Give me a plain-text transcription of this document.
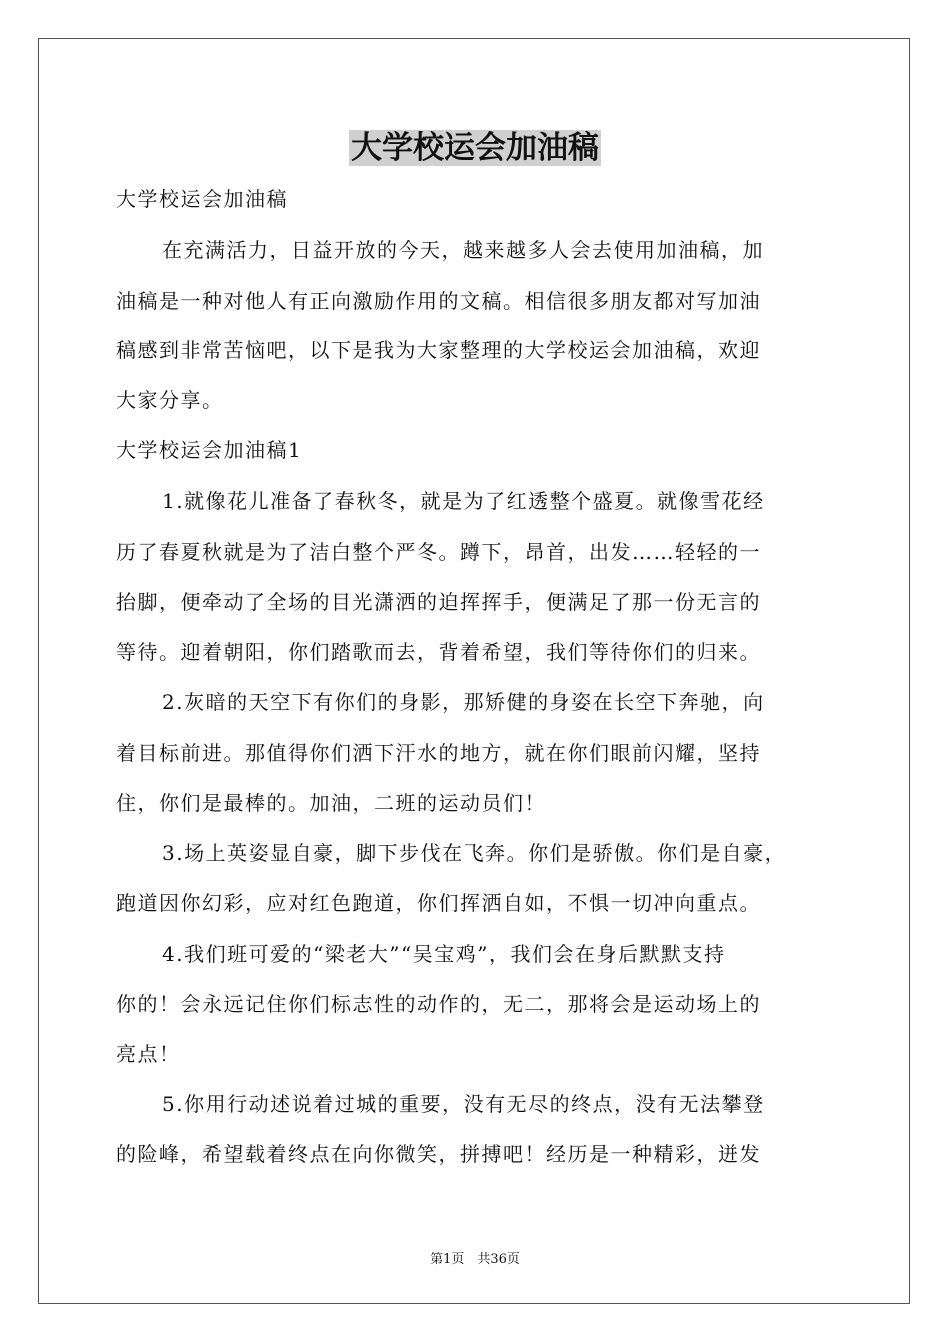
大学校运会加油稿
大学校运会加油稿
在充满活力，日益开放的今天，越来越多人会去使用加油稿，加
油稿是一种对他人有正向激励作用的文稿。相信很多朋友都对写加油
稿感到非常苦恼吧，以下是我为大家整理的大学校运会加油稿，欢迎
大家分享。
大学校运会加油稿1
1.就像花儿准备了春秋冬，就是为了红透整个盛夏。就像雪花经
历了春夏秋就是为了洁白整个严冬。蹲下，昂首，出发……轻轻的一
抬脚，便牵动了全场的目光潇洒的迫挥挥手，便满足了那一份无言的
等待。迎着朝阳，你们踏歌而去，背着希望，我们等待你们的归来。
2.灰暗的天空下有你们的身影，那矫健的身姿在长空下奔驰，向
着目标前进。那值得你们洒下汗水的地方，就在你们眼前闪耀，坚持
住，你们是最棒的。加油，二班的运动员们！
3.场上英姿显自豪，脚下步伐在飞奔。你们是骄傲。你们是自豪，
跑道因你幻彩，应对红色跑道，你们挥洒自如，不惧一切冲向重点。
4.我们班可爱的“梁老大”“吴宝鸡”，我们会在身后默默支持
你的！会永远记住你们标志性的动作的，无二，那将会是运动场上的
亮点！
5.你用行动述说着过城的重要，没有无尽的终点，没有无法攀登
的险峰，希望载着终点在向你微笑，拼搏吧！经历是一种精彩，迸发
第1页　共36页
